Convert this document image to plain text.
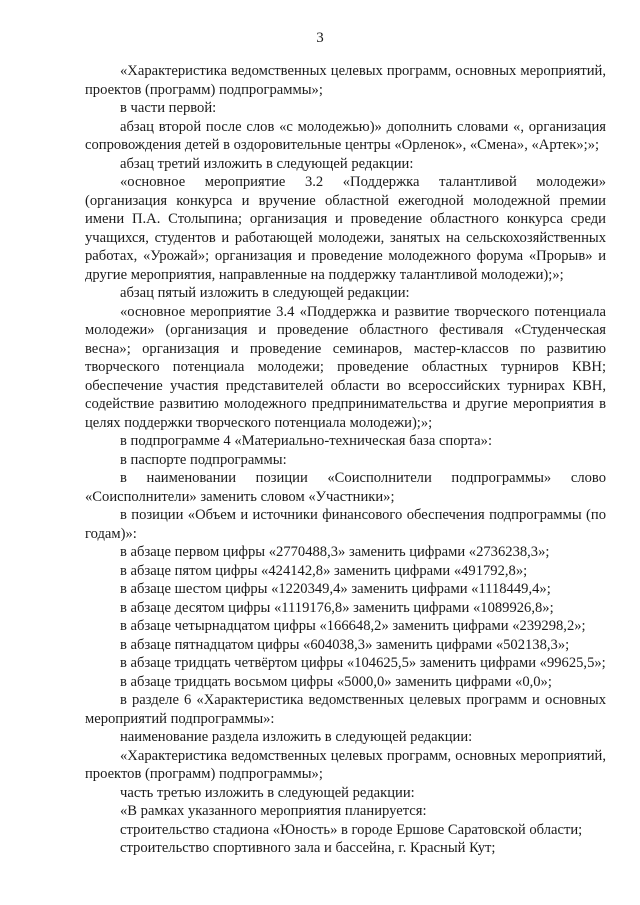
3

«Характеристика ведомственных целевых программ, основных мероприятий, проектов (программ) подпрограммы»;

в части первой:

абзац второй после слов «с молодежью)» дополнить словами «, организация сопровождения детей в оздоровительные центры «Орленок», «Смена», «Артек»;»;

абзац третий изложить в следующей редакции:

«основное мероприятие 3.2 «Поддержка талантливой молодежи» (организация конкурса и вручение областной ежегодной молодежной премии имени П.А. Столыпина; организация и проведение областного конкурса среди учащихся, студентов и работающей молодежи, занятых на сельскохозяйственных работах, «Урожай»; организация и проведение молодежного форума «Прорыв» и другие мероприятия, направленные на поддержку талантливой молодежи);»;

абзац пятый изложить в следующей редакции:

«основное мероприятие 3.4 «Поддержка и развитие творческого потенциала молодежи» (организация и проведение областного фестиваля «Студенческая весна»; организация и проведение семинаров, мастер-классов по развитию творческого потенциала молодежи; проведение областных турниров КВН; обеспечение участия представителей области во всероссийских турнирах КВН, содействие развитию молодежного предпринимательства и другие мероприятия в целях поддержки творческого потенциала молодежи);»;

в подпрограмме 4 «Материально-техническая база спорта»:

в паспорте подпрограммы:

в наименовании позиции «Соисполнители подпрограммы» слово «Соисполнители» заменить словом «Участники»;

в позиции «Объем и источники финансового обеспечения подпрограммы (по годам)»:

в абзаце первом цифры «2770488,3» заменить цифрами «2736238,3»;

в абзаце пятом цифры «424142,8» заменить цифрами «491792,8»;

в абзаце шестом цифры «1220349,4» заменить цифрами «1118449,4»;

в абзаце десятом цифры «1119176,8» заменить цифрами «1089926,8»;

в абзаце четырнадцатом цифры «166648,2» заменить цифрами «239298,2»;

в абзаце пятнадцатом цифры «604038,3» заменить цифрами «502138,3»;

в абзаце тридцать четвёртом цифры «104625,5» заменить цифрами «99625,5»;

в абзаце тридцать восьмом цифры «5000,0» заменить цифрами «0,0»;

в разделе 6 «Характеристика ведомственных целевых программ и основных мероприятий подпрограммы»:

наименование раздела изложить в следующей редакции:

«Характеристика ведомственных целевых программ, основных мероприятий, проектов (программ) подпрограммы»;

часть третью изложить в следующей редакции:

«В рамках указанного мероприятия планируется:

строительство стадиона «Юность» в городе Ершове Саратовской области;

строительство спортивного зала и бассейна, г. Красный Кут;
